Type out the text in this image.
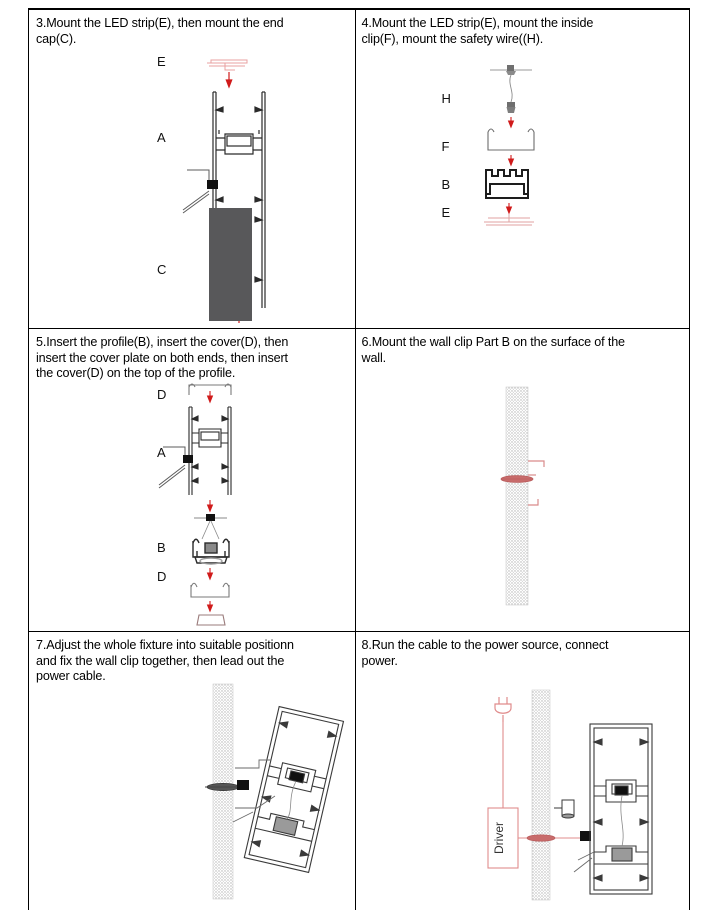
3.Mount the LED strip(E), then mount the end
cap(C).
E
A
C
4.Mount the LED strip(E), mount the inside
clip(F), mount the safety wire((H).
H
F
B
E
5.Insert the profile(B), insert the cover(D), then
insert the cover plate on both ends, then insert
the cover(D) on the top of the profile.
D
A
B
D
6.Mount the wall clip Part B on the surface of the
wall.
7.Adjust the whole fixture into suitable positionn
and fix the wall clip together, then lead out the
power cable.
8.Run the cable to the power source, connect
power.
Driver
